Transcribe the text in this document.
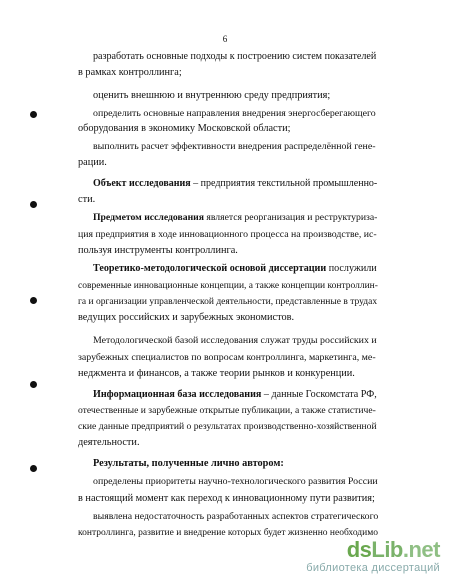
6
разработать основные подходы к построению систем показателей
в рамках контроллинга;
оценить внешнюю и внутреннюю среду предприятия;
определить основные направления внедрения энергосберегающего
оборудования в экономику Московской области;
выполнить расчет эффективности внедрения распределённой гене-
рации.
Объект исследования – предприятия текстильной промышленно-
сти.
Предметом исследования является реорганизация и реструктуриза-
ция предприятия в ходе инновационного процесса на производстве, ис-
пользуя инструменты контроллинга.
Теоретико-методологической основой диссертации послужили
современные инновационные концепции, а также концепции контроллин-
га и организации управленческой деятельности, представленные в трудах
ведущих российских и зарубежных экономистов.
Методологической базой исследования служат труды российских и
зарубежных специалистов по вопросам контроллинга, маркетинга, ме-
неджмента и финансов, а также теории рынков и конкуренции.
Информационная база исследования – данные Госкомстата РФ,
отечественные и зарубежные открытые публикации, а также статистиче-
ские данные предприятий о результатах производственно-хозяйственной
деятельности.
Результаты, полученные лично автором:
определены приоритеты научно-технологического развития России
в настоящий момент как переход к инновационному пути развития;
выявлена недостаточность разработанных аспектов стратегического
контроллинга, развитие и внедрение которых будет жизненно необходимо
dsLib.net
библиотека диссертаций
